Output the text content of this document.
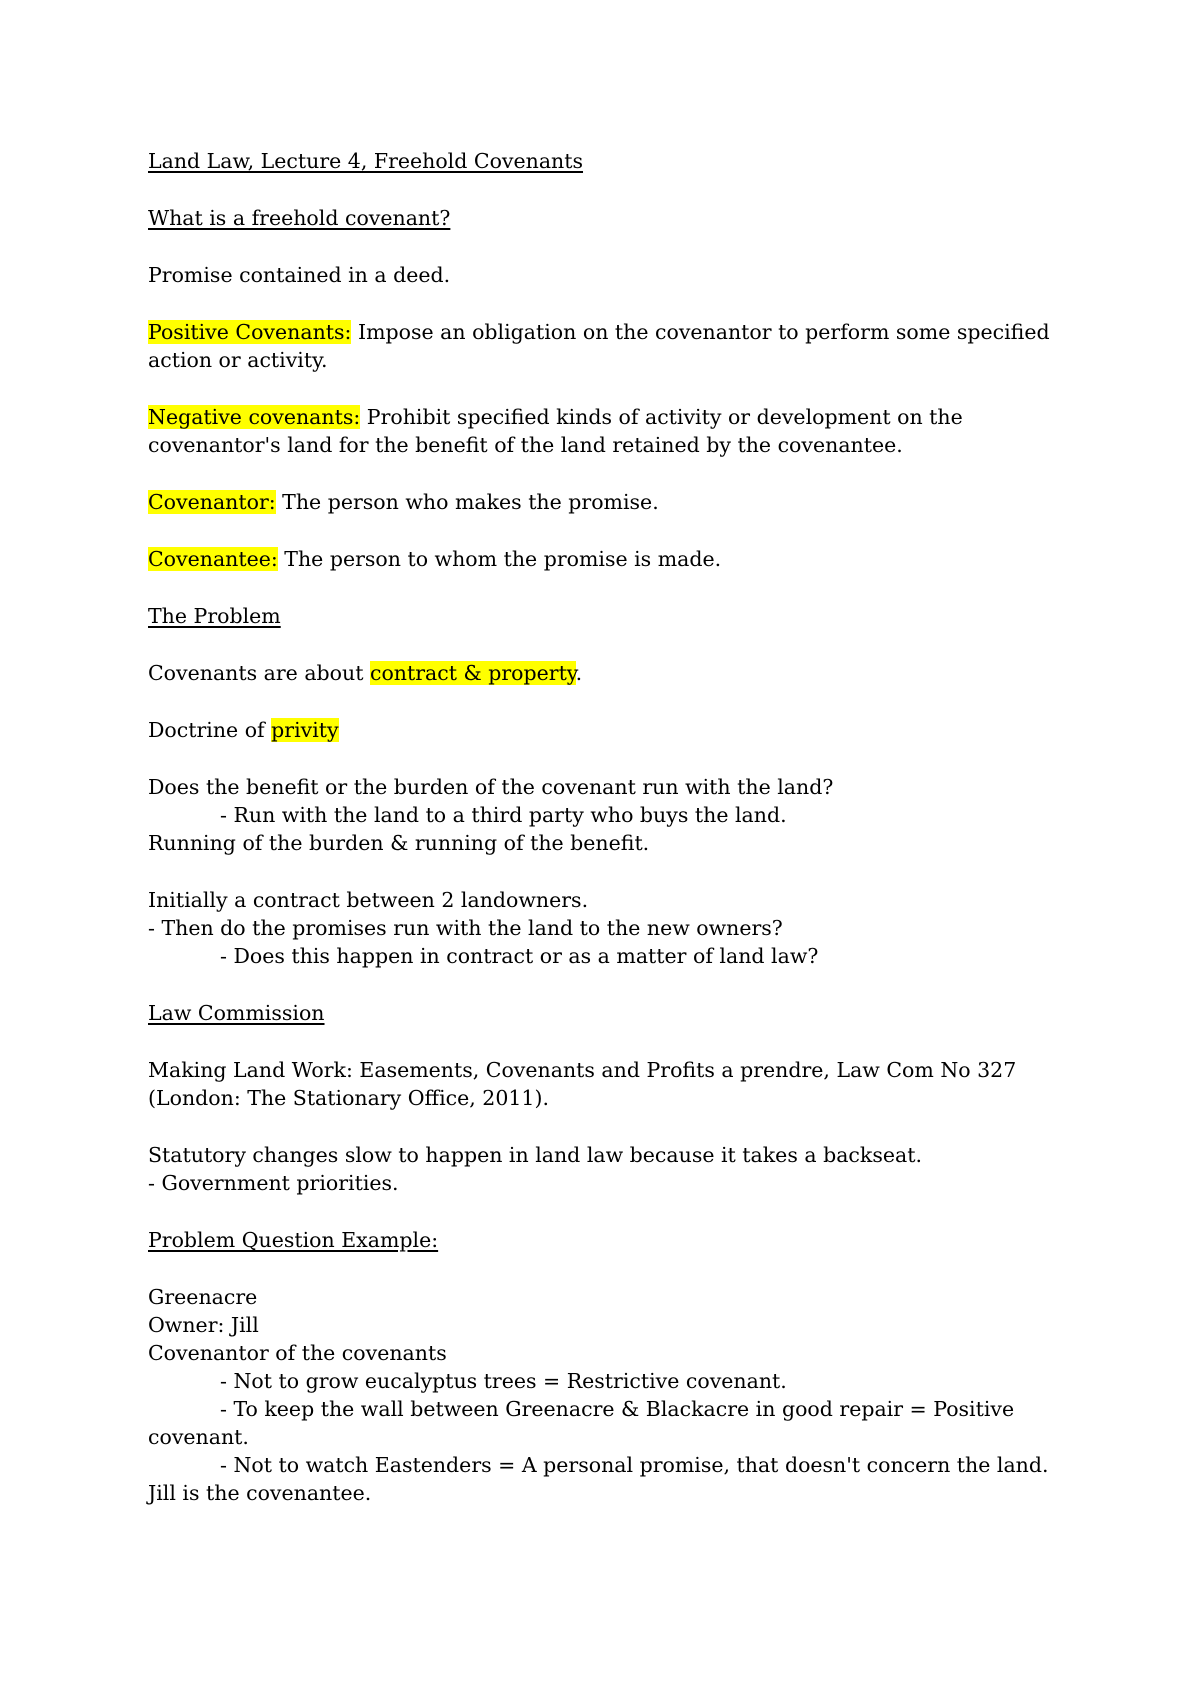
Land Law, Lecture 4, Freehold Covenants
What is a freehold covenant?
Promise contained in a deed.
Positive Covenants: Impose an obligation on the covenantor to perform some specified
action or activity.
Negative covenants: Prohibit specified kinds of activity or development on the
covenantor's land for the benefit of the land retained by the covenantee.
Covenantor: The person who makes the promise.
Covenantee: The person to whom the promise is made.
The Problem
Covenants are about contract & property.
Doctrine of privity
Does the benefit or the burden of the covenant run with the land?
- Run with the land to a third party who buys the land.
Running of the burden & running of the benefit.
Initially a contract between 2 landowners.
- Then do the promises run with the land to the new owners?
- Does this happen in contract or as a matter of land law?
Law Commission
Making Land Work: Easements, Covenants and Profits a prendre, Law Com No 327
(London: The Stationary Office, 2011).
Statutory changes slow to happen in land law because it takes a backseat.
- Government priorities.
Problem Question Example:
Greenacre
Owner: Jill
Covenantor of the covenants
- Not to grow eucalyptus trees = Restrictive covenant.
- To keep the wall between Greenacre & Blackacre in good repair = Positive
covenant.
- Not to watch Eastenders = A personal promise, that doesn't concern the land.
Jill is the covenantee.
